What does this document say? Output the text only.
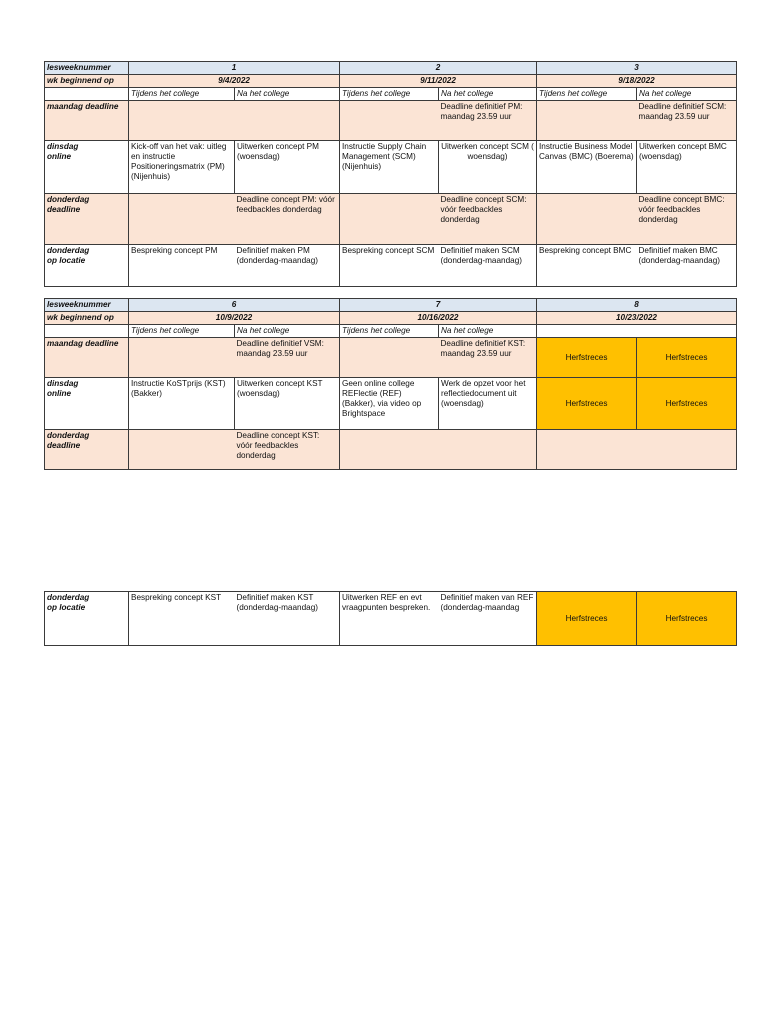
lesweeknummer	1		2		3	
wk beginnend op	9/4/2022		9/11/2022		9/18/2022	
	Tijdens het college	Na het college	Tijdens het college	Na het college	Tijdens het college	Na het college
maandag deadline				Deadline definitief PM: maandag 23.59 uur		Deadline definitief SCM: maandag 23.59 uur
dinsdag
online	Kick-off van het vak: uitleg en instructie Positioneringsmatrix (PM) (Nijenhuis)	Uitwerken concept PM (woensdag)	Instructie Supply Chain Management (SCM) (Nijenhuis)	Uitwerken concept SCM ( woensdag)	Instructie Business Model Canvas (BMC) (Boerema)	Uitwerken concept BMC (woensdag)
donderdag
deadline		Deadline concept PM: vóór feedbackles donderdag		Deadline concept SCM: vóór feedbackles donderdag		Deadline concept BMC: vóór feedbackles donderdag
donderdag
op locatie	Bespreking concept PM	Definitief maken PM (donderdag-maandag)	Bespreking concept SCM	Definitief maken SCM (donderdag-maandag)	Bespreking concept BMC	Definitief maken BMC (donderdag-maandag)
lesweeknummer	6		7		8	
wk beginnend op	10/9/2022		10/16/2022		10/23/2022	
	Tijdens het college	Na het college	Tijdens het college	Na het college		
maandag deadline		Deadline definitief VSM: maandag 23.59 uur		Deadline definitief KST: maandag 23.59 uur	Herfstreces	Herfstreces
dinsdag
online	Instructie KoSTprijs (KST) (Bakker)	Uitwerken concept KST (woensdag)	Geen online college REFlectie (REF) (Bakker), via video op Brightspace	Werk de opzet voor het reflectiedocument uit (woensdag)	Herfstreces	Herfstreces
donderdag
deadline		Deadline concept KST: vóór feedbackles donderdag				
donderdag
op locatie	Bespreking concept KST	Definitief maken KST (donderdag-maandag)	Uitwerken REF en evt vraagpunten bespreken.	Definitief maken van REF (donderdag-maandag	Herfstreces	Herfstreces
